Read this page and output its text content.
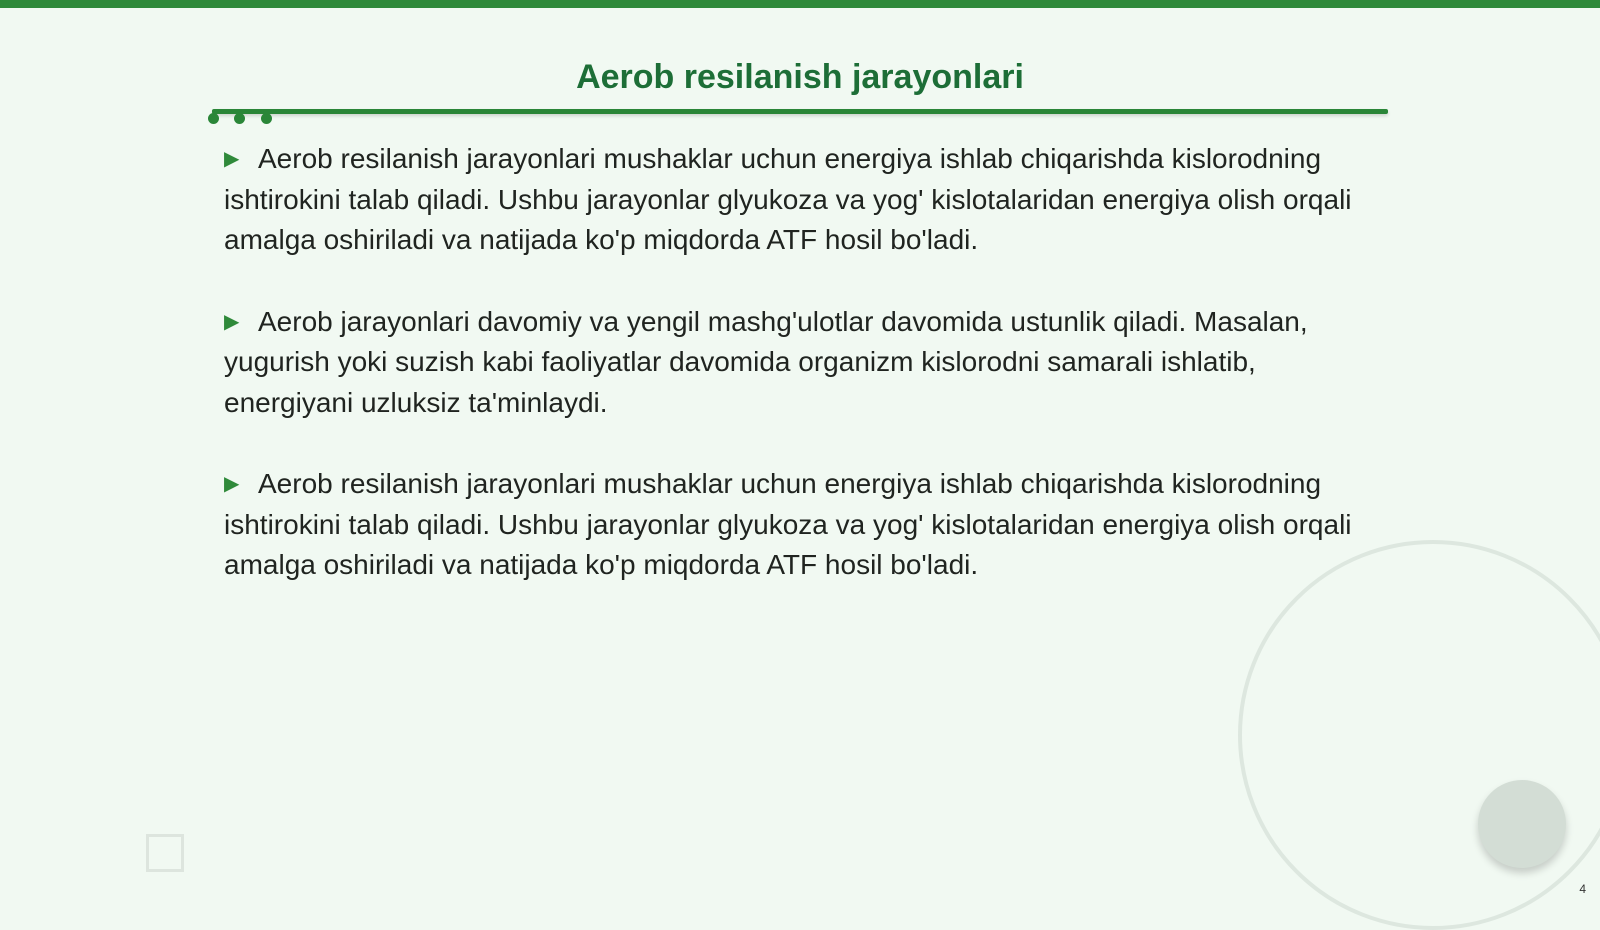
Aerob resilanish jarayonlari

▶ Aerob resilanish jarayonlari mushaklar uchun energiya ishlab chiqarishda kislorodning ishtirokini talab qiladi. Ushbu jarayonlar glyukoza va yog' kislotalaridan energiya olish orqali amalga oshiriladi va natijada ko'p miqdorda ATF hosil bo'ladi.

▶ Aerob jarayonlari davomiy va yengil mashg'ulotlar davomida ustunlik qiladi. Masalan, yugurish yoki suzish kabi faoliyatlar davomida organizm kislorodni samarali ishlatib, energiyani uzluksiz ta'minlaydi.

▶ Aerob resilanish jarayonlari mushaklar uchun energiya ishlab chiqarishda kislorodning ishtirokini talab qiladi. Ushbu jarayonlar glyukoza va yog' kislotalaridan energiya olish orqali amalga oshiriladi va natijada ko'p miqdorda ATF hosil bo'ladi.

4
